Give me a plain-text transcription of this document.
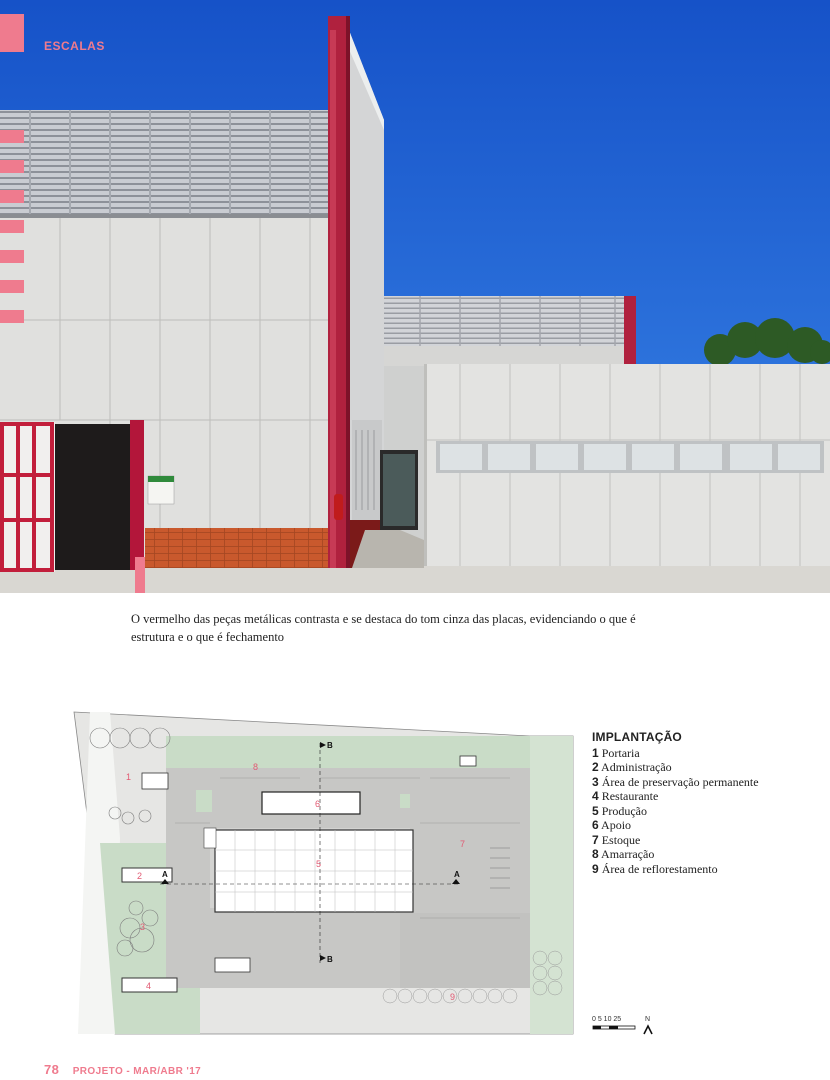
ESCALAS

O vermelho das peças metálicas contrasta e se destaca do tom cinza das placas, evidenciando o que é estrutura e o que é fechamento

1
2
3
4
5
6
7
8
9
B
B
A	A
IMPLANTAÇÃO
1 Portaria
2 Administração
3 Área de preservação permanente
4 Restaurante
5 Produção
6 Apoio
7 Estoque
8 Amarração
9 Área de reflorestamento
0 5 10 25	N
78 PROJETO - MAR/ABR '17
